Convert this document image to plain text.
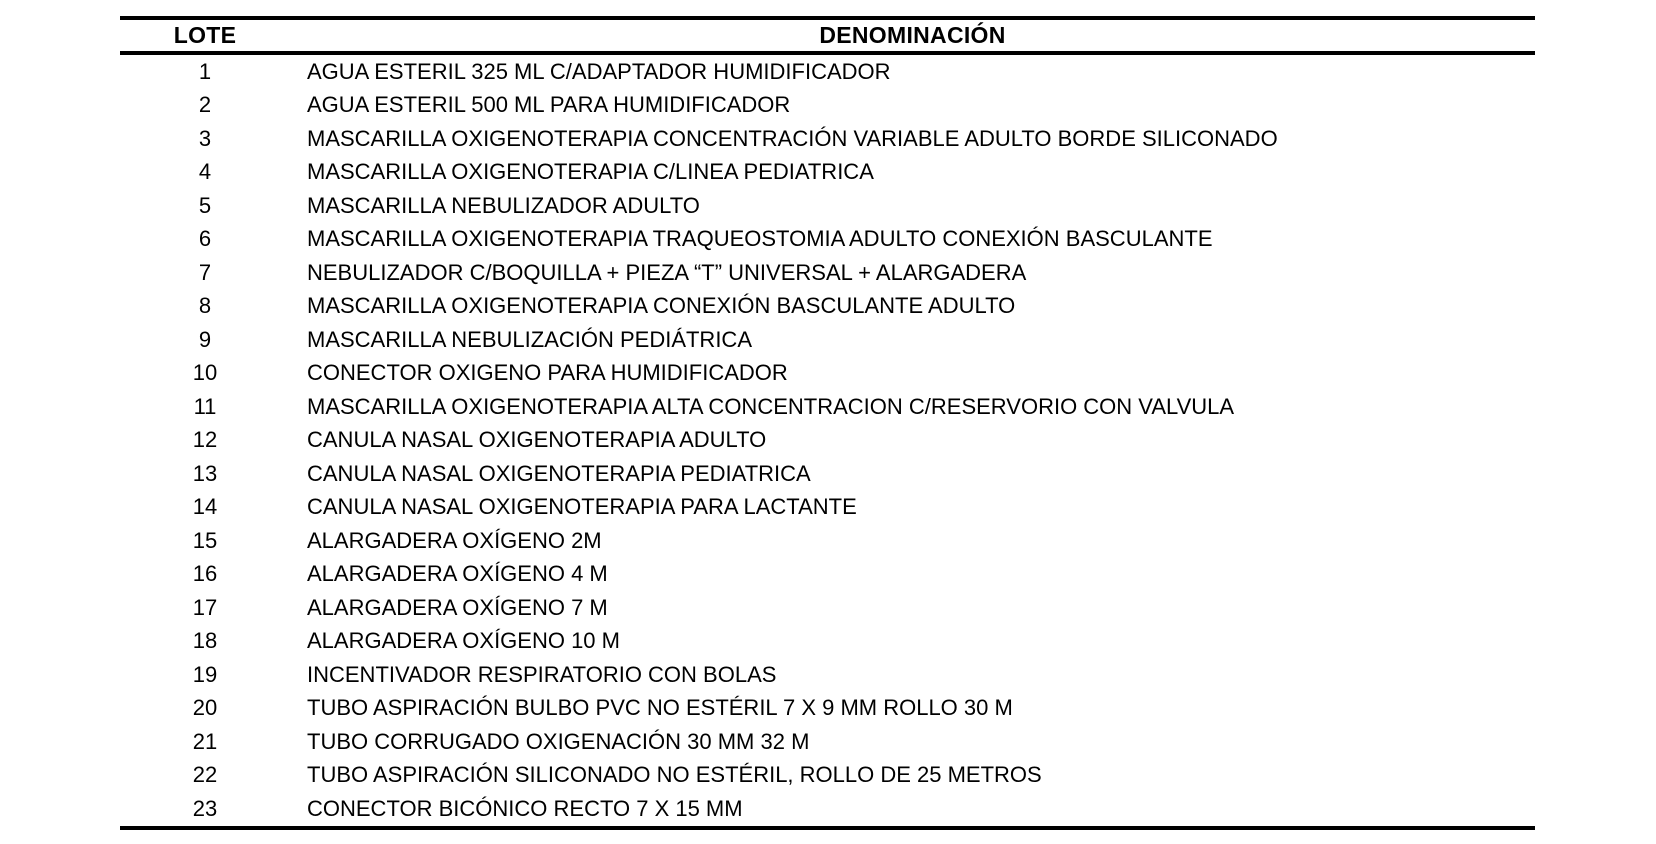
LOTE	DENOMINACIÓN
1	AGUA ESTERIL 325 ML C/ADAPTADOR HUMIDIFICADOR
2	AGUA ESTERIL 500 ML PARA HUMIDIFICADOR
3	MASCARILLA OXIGENOTERAPIA CONCENTRACIÓN VARIABLE ADULTO BORDE SILICONADO
4	MASCARILLA OXIGENOTERAPIA C/LINEA PEDIATRICA
5	MASCARILLA NEBULIZADOR ADULTO
6	MASCARILLA OXIGENOTERAPIA TRAQUEOSTOMIA ADULTO CONEXIÓN BASCULANTE
7	NEBULIZADOR C/BOQUILLA + PIEZA “T” UNIVERSAL + ALARGADERA
8	MASCARILLA OXIGENOTERAPIA CONEXIÓN BASCULANTE ADULTO
9	MASCARILLA NEBULIZACIÓN PEDIÁTRICA
10	CONECTOR OXIGENO PARA HUMIDIFICADOR
11	MASCARILLA OXIGENOTERAPIA ALTA CONCENTRACION C/RESERVORIO CON VALVULA
12	CANULA NASAL OXIGENOTERAPIA ADULTO
13	CANULA NASAL OXIGENOTERAPIA PEDIATRICA
14	CANULA NASAL OXIGENOTERAPIA PARA LACTANTE
15	ALARGADERA OXÍGENO 2M
16	ALARGADERA OXÍGENO 4 M
17	ALARGADERA OXÍGENO 7 M
18	ALARGADERA OXÍGENO 10 M
19	INCENTIVADOR RESPIRATORIO CON BOLAS
20	TUBO ASPIRACIÓN BULBO PVC NO ESTÉRIL 7 X 9 MM ROLLO 30 M
21	TUBO CORRUGADO OXIGENACIÓN 30 MM 32 M
22	TUBO ASPIRACIÓN SILICONADO NO ESTÉRIL, ROLLO DE 25 METROS
23	CONECTOR BICÓNICO RECTO 7 X 15 MM
